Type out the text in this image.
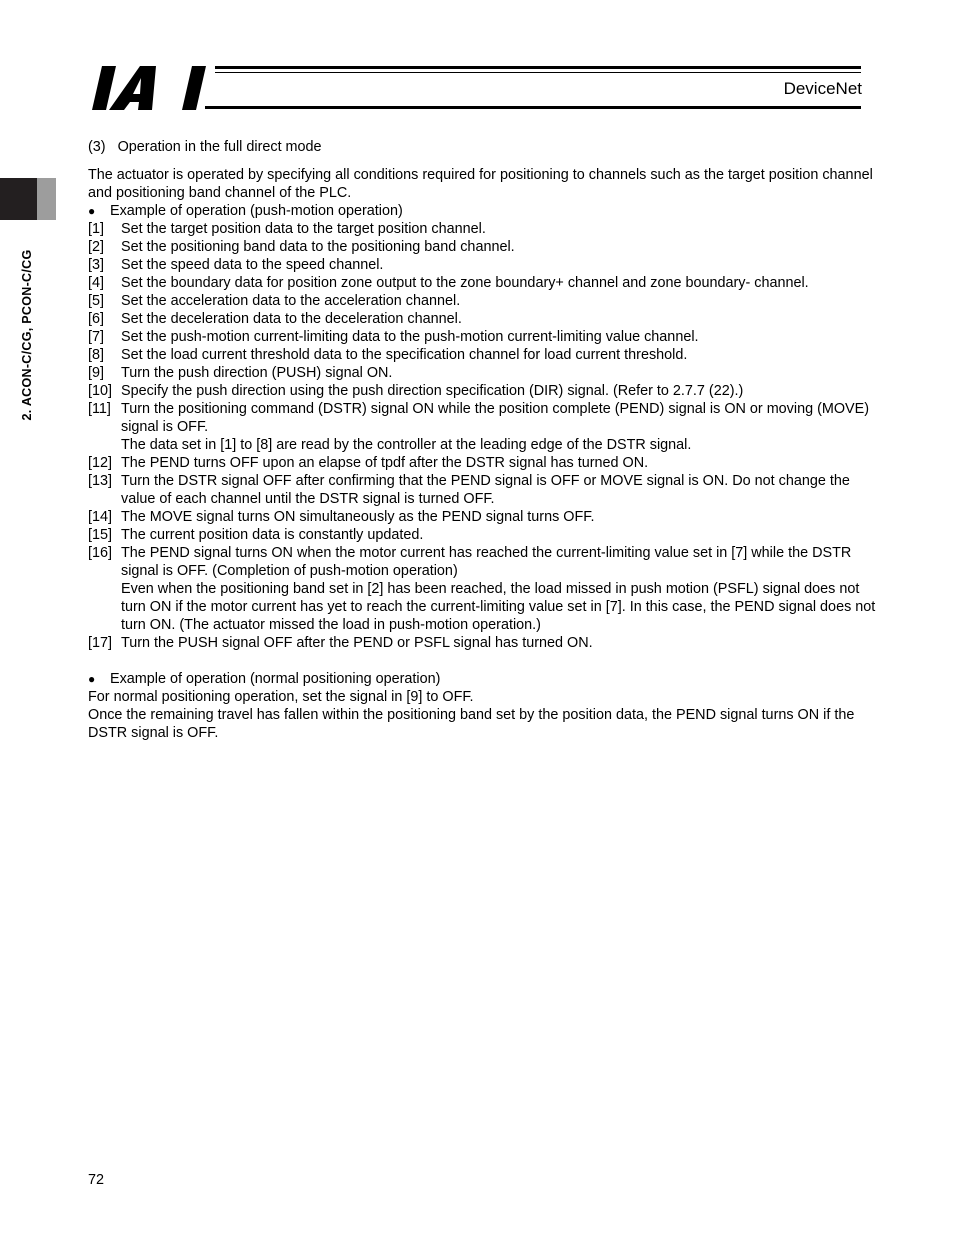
DeviceNet
2. ACON-C/CG, PCON-C/CG
(3)   Operation in the full direct mode

The actuator is operated by specifying all conditions required for positioning to channels such as the target position channel and positioning band channel of the PLC.

●	Example of operation (push-motion operation)
[1]	Set the target position data to the target position channel.
[2]	Set the positioning band data to the positioning band channel.
[3]	Set the speed data to the speed channel.
[4]	Set the boundary data for position zone output to the zone boundary+ channel and zone boundary- channel.
[5]	Set the acceleration data to the acceleration channel.
[6]	Set the deceleration data to the deceleration channel.
[7]	Set the push-motion current-limiting data to the push-motion current-limiting value channel.
[8]	Set the load current threshold data to the specification channel for load current threshold.
[9]	Turn the push direction (PUSH) signal ON.
[10] Specify the push direction using the push direction specification (DIR) signal. (Refer to 2.7.7 (22).)
[11] Turn the positioning command (DSTR) signal ON while the position complete (PEND) signal is ON or moving (MOVE) signal is OFF.
The data set in [1] to [8] are read by the controller at the leading edge of the DSTR signal.
[12] The PEND turns OFF upon an elapse of tpdf after the DSTR signal has turned ON.
[13] Turn the DSTR signal OFF after confirming that the PEND signal is OFF or MOVE signal is ON. Do not change the value of each channel until the DSTR signal is turned OFF.
[14] The MOVE signal turns ON simultaneously as the PEND signal turns OFF.
[15] The current position data is constantly updated.
[16] The PEND signal turns ON when the motor current has reached the current-limiting value set in [7] while the DSTR signal is OFF. (Completion of push-motion operation)
Even when the positioning band set in [2] has been reached, the load missed in push motion (PSFL) signal does not turn ON if the motor current has yet to reach the current-limiting value set in [7]. In this case, the PEND signal does not turn ON. (The actuator missed the load in push-motion operation.)
[17] Turn the PUSH signal OFF after the PEND or PSFL signal has turned ON.
●	Example of operation (normal positioning operation)

For normal positioning operation, set the signal in [9] to OFF.

Once the remaining travel has fallen within the positioning band set by the position data, the PEND signal turns ON if the DSTR signal is OFF.

72
